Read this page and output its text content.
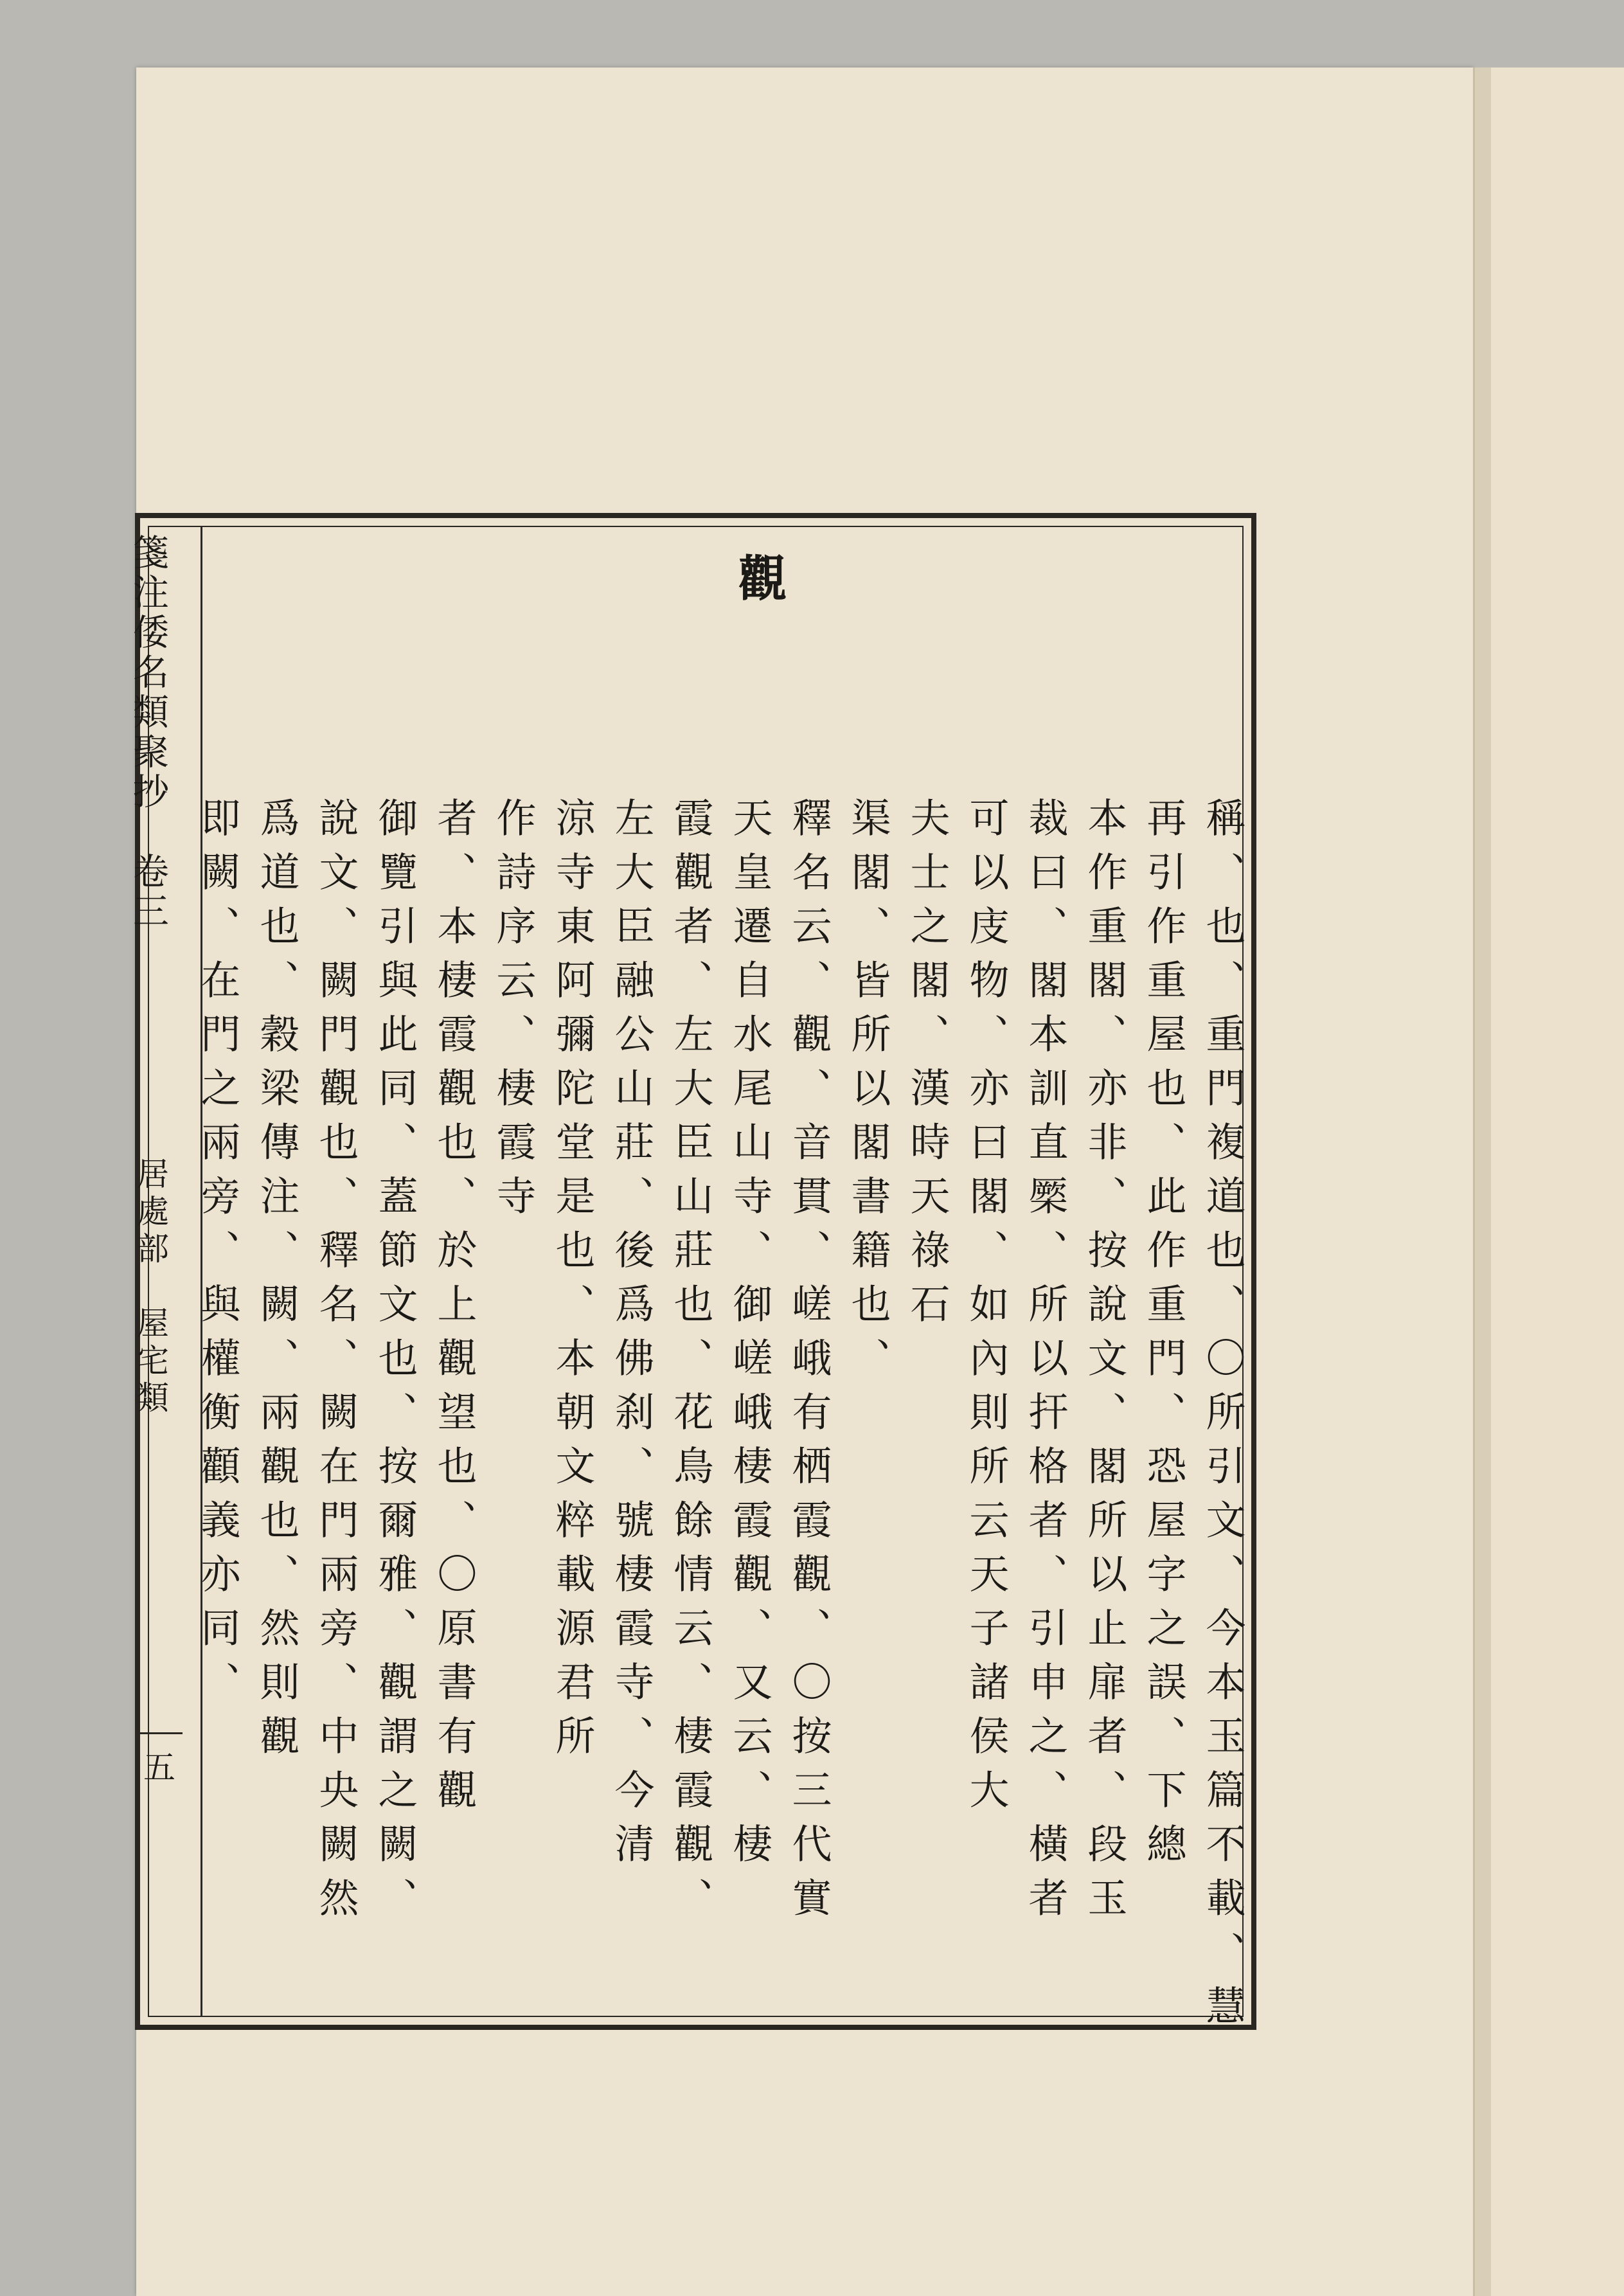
觀
稱、也、重門複道也、〇所引文、今本玉篇不載、慧
再引作重屋也、此作重門、恐屋字之誤、下總
本作重閣、亦非、按說文、閣所以止扉者、段玉
裁曰、閣本訓直橜、所以扞格者、引申之、橫者
可以庋物、亦曰閣、如內則所云天子諸侯大
夫士之閣、漢時天祿石
渠閣、皆所以閣書籍也、
釋名云、觀、音貫、嵯峨有栖霞觀、〇按三代實
天皇遷自水尾山寺、御嵯峨棲霞觀、又云、棲
霞觀者、左大臣山莊也、花鳥餘情云、棲霞觀、
左大臣融公山莊、後爲佛刹、號棲霞寺、今清
涼寺東阿彌陀堂是也、本朝文粹載源君所
作詩序云、棲霞寺
者、本棲霞觀也、於上觀望也、〇原書有觀
御覽引與此同、蓋節文也、按爾雅、觀謂之闕、
說文、闕門觀也、釋名、闕在門兩旁、中央闕然
爲道也、穀梁傳注、闕、兩觀也、然則觀
即闕、在門之兩旁、與權衡顴義亦同、
箋注倭名類聚抄　卷三
居處部　屋宅類
五
